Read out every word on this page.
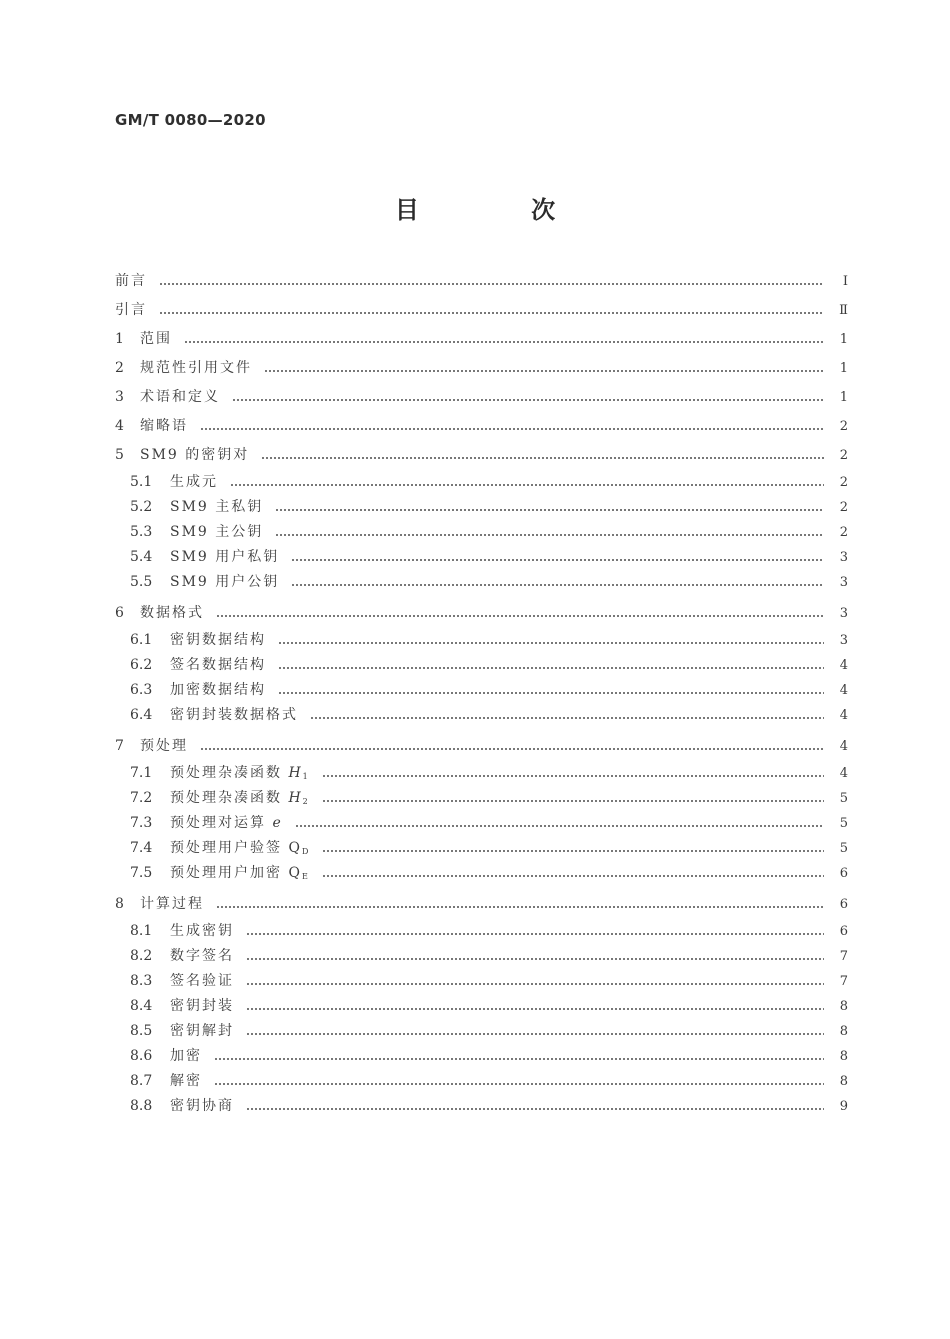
GM/T 0080—2020
目 次
前言	Ⅰ
引言	Ⅱ
1	范围	1
2	规范性引用文件	1
3	术语和定义	1
4	缩略语	2
5	SM9 的密钥对	2
5.1	生成元	2
5.2	SM9 主私钥	2
5.3	SM9 主公钥	2
5.4	SM9 用户私钥	3
5.5	SM9 用户公钥	3
6	数据格式	3
6.1	密钥数据结构	3
6.2	签名数据结构	4
6.3	加密数据结构	4
6.4	密钥封装数据格式	4
7	预处理	4
7.1	预处理杂凑函数 $H_1$	4
7.2	预处理杂凑函数 $H_2$	5
7.3	预处理对运算 e	5
7.4	预处理用户验签 $Q_D$	5
7.5	预处理用户加密 $Q_E$	6
8	计算过程	6
8.1	生成密钥	6
8.2	数字签名	7
8.3	签名验证	7
8.4	密钥封装	8
8.5	密钥解封	8
8.6	加密	8
8.7	解密	8
8.8	密钥协商	9
